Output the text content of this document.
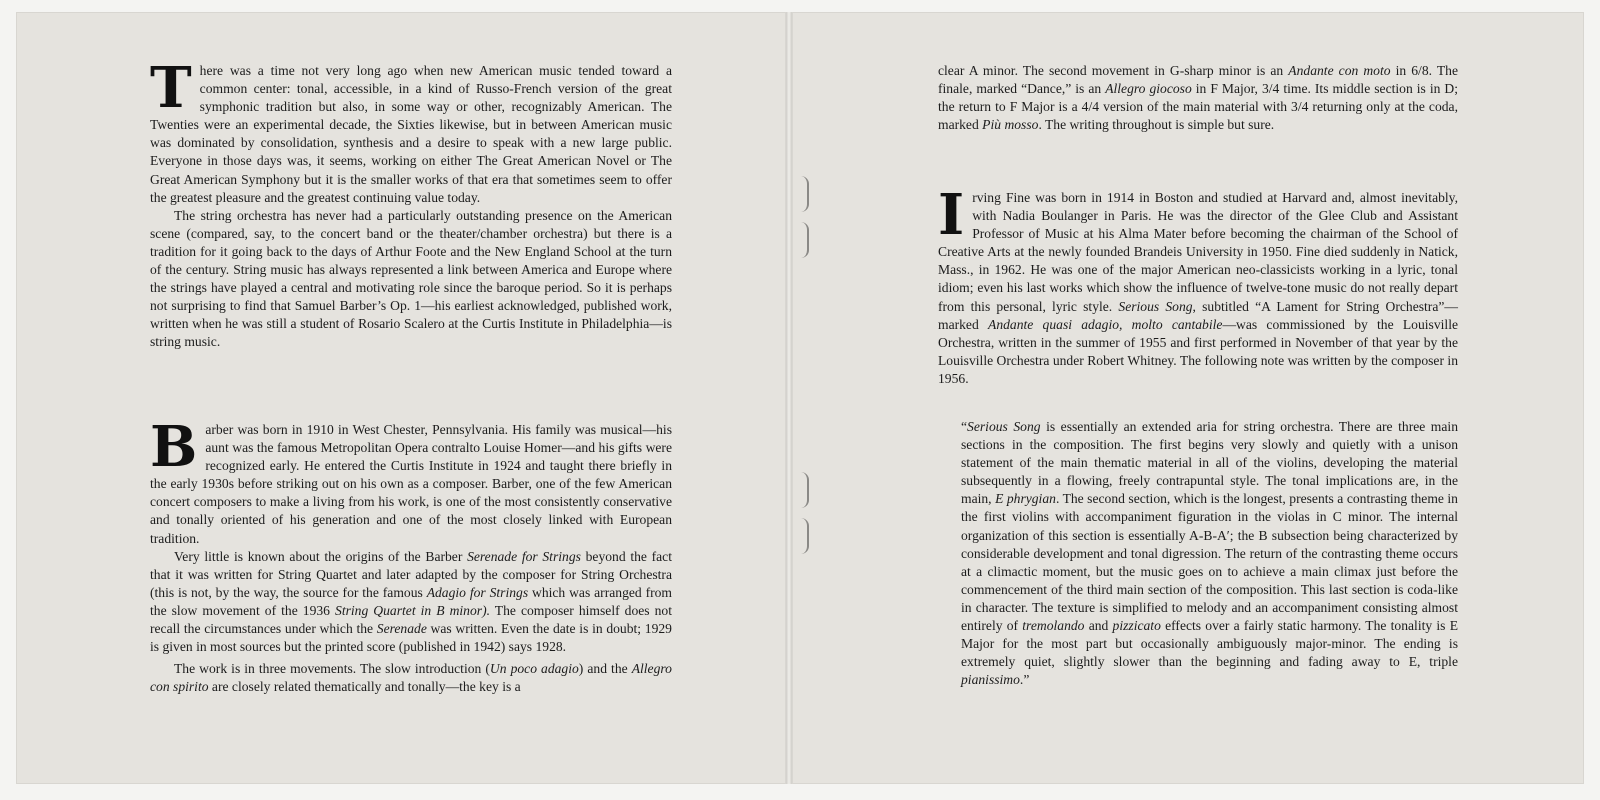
There was a time not very long ago when new American music tended toward a common center: tonal, accessible, in a kind of Russo-French version of the great symphonic tradition but also, in some way or other, recognizably American. The Twenties were an experimental decade, the Sixties likewise, but in between American music was dominated by consolidation, synthesis and a desire to speak with a new large public. Everyone in those days was, it seems, working on either The Great American Novel or The Great American Symphony but it is the smaller works of that era that sometimes seem to offer the greatest pleasure and the greatest continuing value today.

The string orchestra has never had a particularly outstanding presence on the American scene (compared, say, to the concert band or the theater/chamber orchestra) but there is a tradition for it going back to the days of Arthur Foote and the New England School at the turn of the century. String music has always represented a link between America and Europe where the strings have played a central and motivating role since the baroque period. So it is perhaps not surprising to find that Samuel Barber’s Op. 1—his earliest acknowledged, published work, written when he was still a student of Rosario Scalero at the Curtis Institute in Philadelphia—is string music.

Barber was born in 1910 in West Chester, Pennsylvania. His family was musical—his aunt was the famous Metropolitan Opera contralto Louise Homer—and his gifts were recognized early. He entered the Curtis Institute in 1924 and taught there briefly in the early 1930s before striking out on his own as a composer. Barber, one of the few American concert composers to make a living from his work, is one of the most consistently conservative and tonally oriented of his generation and one of the most closely linked with European tradition.

Very little is known about the origins of the Barber Serenade for Strings beyond the fact that it was written for String Quartet and later adapted by the composer for String Orchestra (this is not, by the way, the source for the famous Adagio for Strings which was arranged from the slow movement of the 1936 String Quartet in B minor). The composer himself does not recall the circumstances under which the Serenade was written. Even the date is in doubt; 1929 is given in most sources but the printed score (published in 1942) says 1928.

The work is in three movements. The slow introduction (Un poco adagio) and the Allegro con spirito are closely related thematically and tonally—the key is a

clear A minor. The second movement in G-sharp minor is an Andante con moto in 6/8. The finale, marked “Dance,” is an Allegro giocoso in F Major, 3/4 time. Its middle section is in D; the return to F Major is a 4/4 version of the main material with 3/4 returning only at the coda, marked Più mosso. The writing throughout is simple but sure.

Irving Fine was born in 1914 in Boston and studied at Harvard and, almost inevitably, with Nadia Boulanger in Paris. He was the director of the Glee Club and Assistant Professor of Music at his Alma Mater before becoming the chairman of the School of Creative Arts at the newly founded Brandeis University in 1950. Fine died suddenly in Natick, Mass., in 1962. He was one of the major American neo-classicists working in a lyric, tonal idiom; even his last works which show the influence of twelve-tone music do not really depart from this personal, lyric style. Serious Song, subtitled “A Lament for String Orchestra”—marked Andante quasi adagio, molto cantabile—was commissioned by the Louisville Orchestra, written in the summer of 1955 and first performed in November of that year by the Louisville Orchestra under Robert Whitney. The following note was written by the composer in 1956.

“Serious Song is essentially an extended aria for string orchestra. There are three main sections in the composition. The first begins very slowly and quietly with a unison statement of the main thematic material in all of the violins, developing the material subsequently in a flowing, freely contrapuntal style. The tonal implications are, in the main, E phrygian. The second section, which is the longest, presents a contrasting theme in the first violins with accompaniment figuration in the violas in C minor. The internal organization of this section is essentially A-B-A′; the B subsection being characterized by considerable development and tonal digression. The return of the contrasting theme occurs at a climactic moment, but the music goes on to achieve a main climax just before the commencement of the third main section of the composition. This last section is coda-like in character. The texture is simplified to melody and an accompaniment consisting almost entirely of tremolando and pizzicato effects over a fairly static harmony. The tonality is E Major for the most part but occasionally ambiguously major-minor. The ending is extremely quiet, slightly slower than the beginning and fading away to E, triple pianissimo.”
